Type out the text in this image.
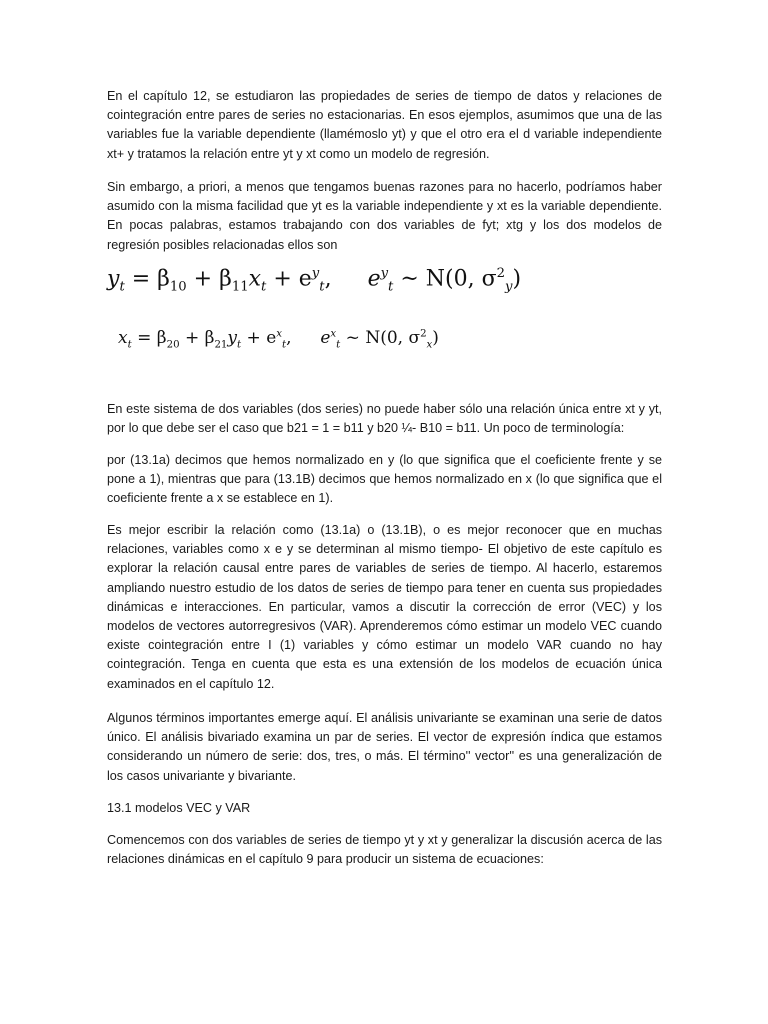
En el capítulo 12, se estudiaron las propiedades de series de tiempo de datos y relaciones de cointegración entre pares de series no estacionarias. En esos ejemplos, asumimos que una de las variables fue la variable dependiente (llamémoslo yt) y que el otro era el d variable independiente xt+ y tratamos la relación entre yt y xt como un modelo de regresión.
Sin embargo, a priori, a menos que tengamos buenas razones para no hacerlo, podríamos haber asumido con la misma facilidad que yt es la variable independiente y xt es la variable dependiente. En pocas palabras, estamos trabajando con dos variables de fyt; xtg y los dos modelos de regresión posibles relacionadas ellos son
$y_t = \beta_{10} + \beta_{11}x_t + e^y_t$, $e^y_t$ ~ N(0, $\sigma^2_y$)
$x_t = \beta_{20} + \beta_{21}y_t + e^x_t$, $e^x_t$ ~ N(0, $\sigma^2_x$)
En este sistema de dos variables (dos series) no puede haber sólo una relación única entre xt y yt, por lo que debe ser el caso que b21 = 1 = b11 y b20 ¼- B10 = b11. Un poco de terminología:
por (13.1a) decimos que hemos normalizado en y (lo que significa que el coeficiente frente y se pone a 1), mientras que para (13.1B) decimos que hemos normalizado en x (lo que significa que el coeficiente frente a x se establece en 1).
Es mejor escribir la relación como (13.1a) o (13.1B), o es mejor reconocer que en muchas relaciones, variables como x e y se determinan al mismo tiempo- El objetivo de este capítulo es explorar la relación causal entre pares de variables de series de tiempo. Al hacerlo, estaremos ampliando nuestro estudio de los datos de series de tiempo para tener en cuenta sus propiedades dinámicas e interacciones. En particular, vamos a discutir la corrección de error (VEC) y los modelos de vectores autorregresivos (VAR). Aprenderemos cómo estimar un modelo VEC cuando existe cointegración entre I (1) variables y cómo estimar un modelo VAR cuando no hay cointegración. Tenga en cuenta que esta es una extensión de los modelos de ecuación única examinados en el capítulo 12.
Algunos términos importantes emerge aquí. El análisis univariante se examinan una serie de datos único. El análisis bivariado examina un par de series. El vector de expresión índica que estamos considerando un número de serie: dos, tres, o más. El término'' vector'' es una generalización de los casos univariante y bivariante.
13.1 modelos VEC y VAR
Comencemos con dos variables de series de tiempo yt y xt y generalizar la discusión acerca de las relaciones dinámicas en el capítulo 9 para producir un sistema de ecuaciones:
